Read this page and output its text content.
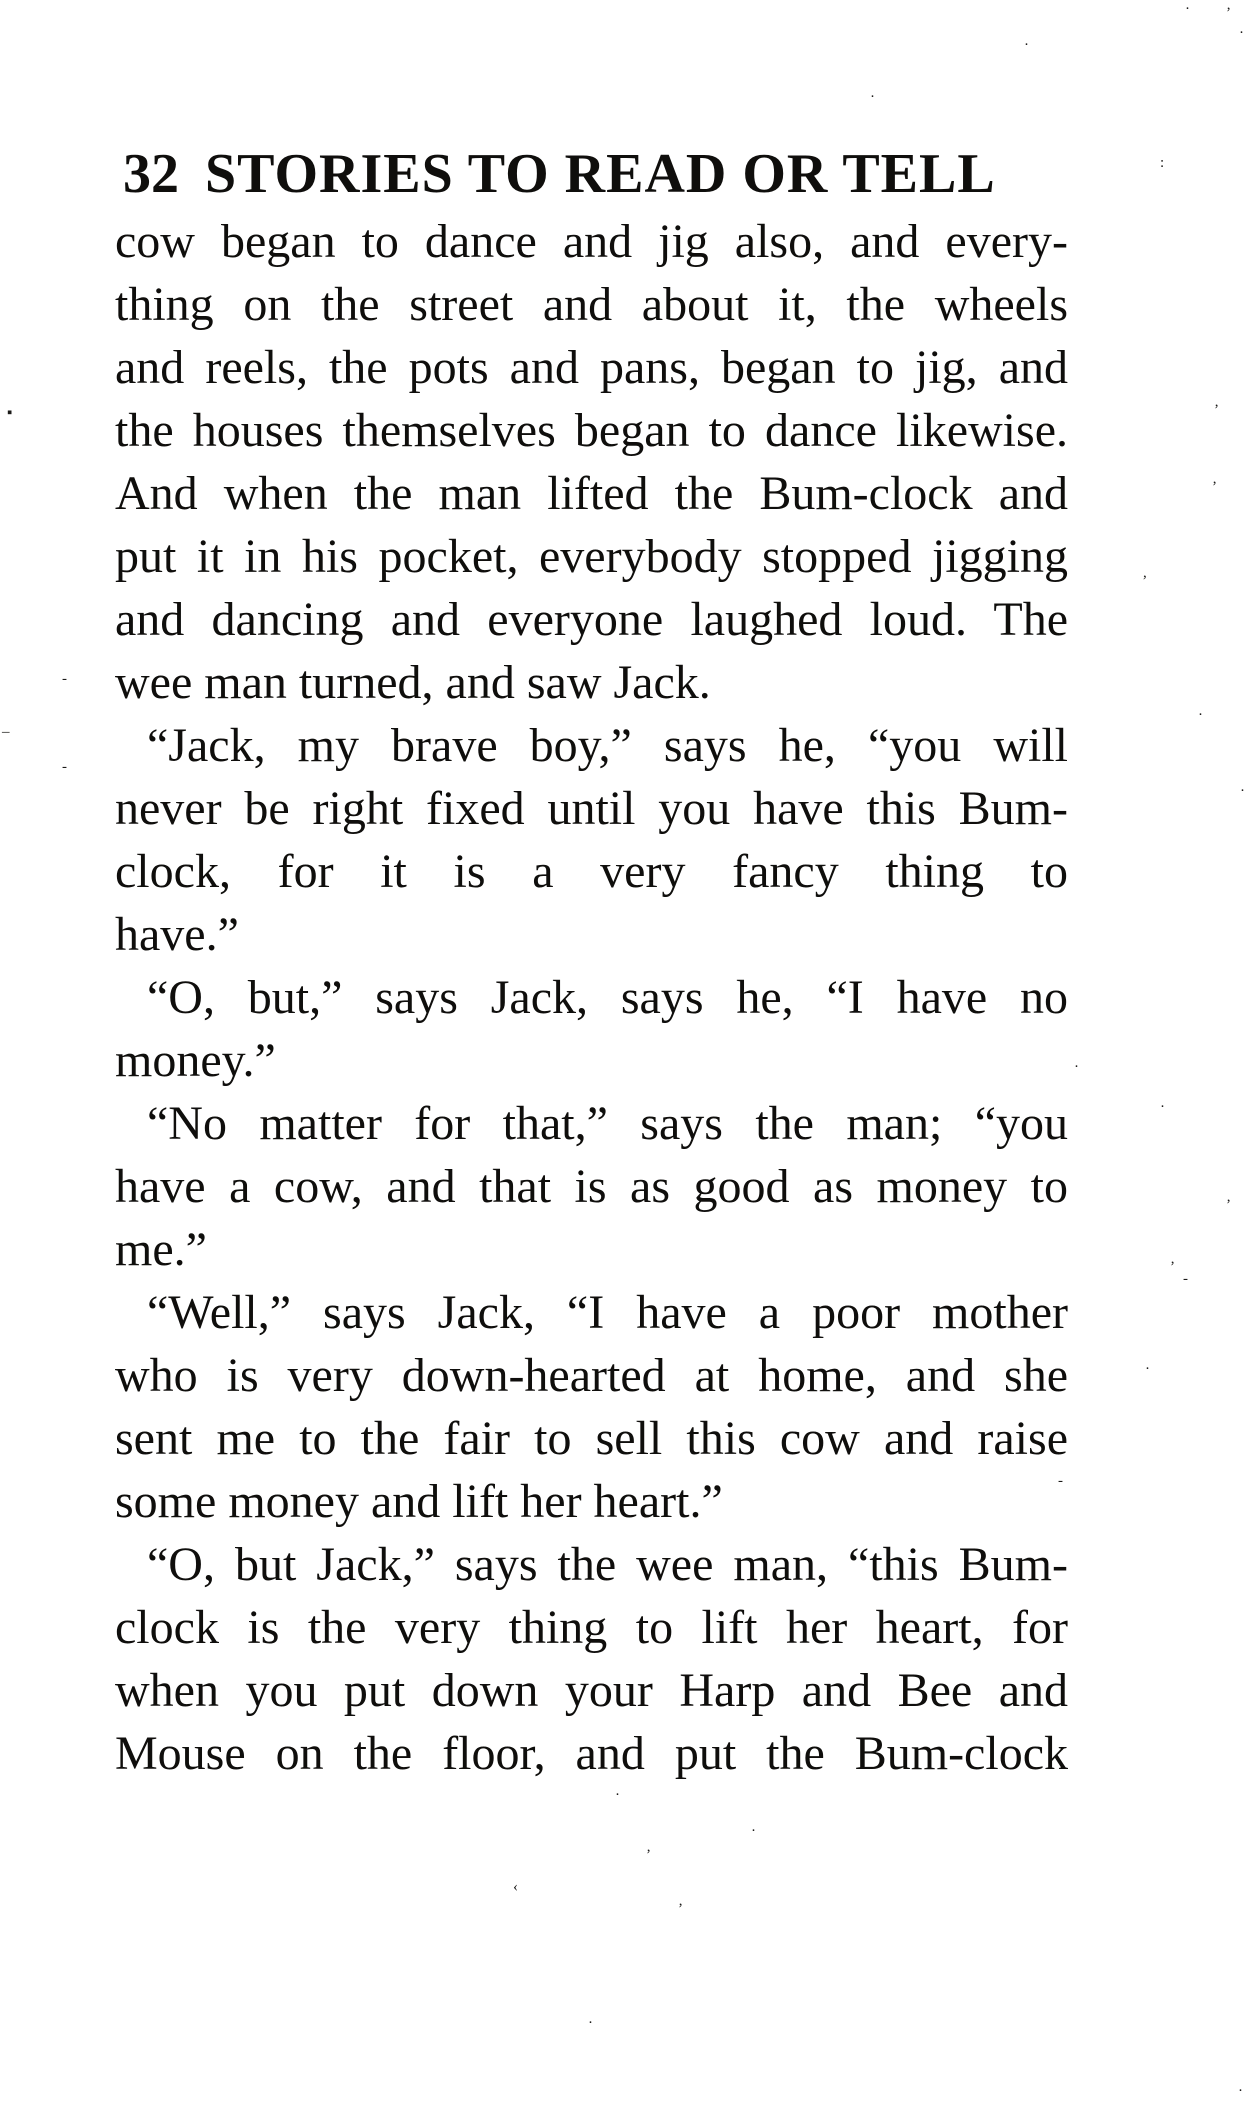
32 STORIES TO READ OR TELL
cow began to dance and jig also, and every-
thing on the street and about it, the wheels
and reels, the pots and pans, began to jig, and
the houses themselves began to dance likewise.
And when the man lifted the Bum-clock and
put it in his pocket, everybody stopped jigging
and dancing and everyone laughed loud. The
wee man turned, and saw Jack.
“Jack, my brave boy,” says he, “you will
never be right fixed until you have this Bum-
clock, for it is a very fancy thing to
have.”
“O, but,” says Jack, says he, “I have no
money.”
“No matter for that,” says the man; “you
have a cow, and that is as good as money to
me.”
“Well,” says Jack, “I have a poor mother
who is very down-hearted at home, and she
sent me to the fair to sell this cow and raise
some money and lift her heart.”
“O, but Jack,” says the wee man, “this Bum-
clock is the very thing to lift her heart, for
when you put down your Harp and Bee and
Mouse on the floor, and put the Bum-clock
· ’
·
·
·
:
’
’
,
·
·
▪
-
–
-
·
·
’
’
-
·
-
·
·
’
‹
’
·
·
